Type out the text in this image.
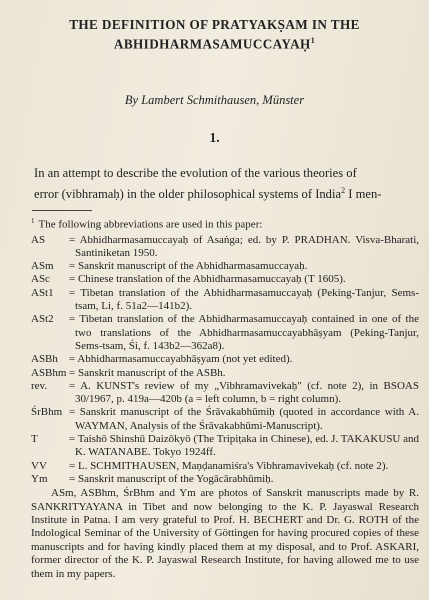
THE DEFINITION OF PRATYAKṢAM IN THE
ABHIDHARMASAMUCCAYAḤ$^1$
By Lambert Schmithausen, Münster
1.

In an attempt to describe the evolution of the various theories of
error (vibhramaḥ) in the older philosophical systems of India$^2$ I men-

$^1$ The following abbreviations are used in this paper:
AS	= Abhidharmasamuccayaḥ of Asaṅga; ed. by P. PRADHAN. Visva-Bharati, Santiniketan 1950.
ASm	= Sanskrit manuscript of the Abhidharmasamuccayaḥ.
ASc	= Chinese translation of the Abhidharmasamuccayaḥ (T 1605).
ASt1	= Tibetan translation of the Abhidharmasamuccayaḥ (Peking-Tanjur, Sems-tsam, Li, f. 51a2—141b2).
ASt2	= Tibetan translation of the Abhidharmasamuccayaḥ contained in one of the two translations of the Abhidharmasamuccayabhāṣyam (Peking-Tanjur, Sems-tsam, Śi, f. 143b2—362a8).
ASBh	= Abhidharmasamuccayabhāṣyam (not yet edited).
ASBhm	= Sanskrit manuscript of the ASBh.
rev.	= A. KUNST's review of my „Vibhramavivekaḥ" (cf. note 2), in BSOAS 30/1967, p. 419a—420b (a = left column, b = right column).
ŚrBhm	= Sanskrit manuscript of the Śrāvakabhūmiḥ (quoted in accordance with A. WAYMAN, Analysis of the Śrāvakabhūmi-Manuscript).
T	= Taishō Shinshū Daizōkyō (The Tripiṭaka in Chinese), ed. J. TAKAKUSU and K. WATANABE. Tokyo 1924ff.
VV	= L. SCHMITHAUSEN, Maṇḍanamiśra's Vibhramavivekaḥ (cf. note 2).
Ym	= Sanskrit manuscript of the Yogācārabhūmiḥ.
ASm, ASBhm, ŚrBhm and Ym are photos of Sanskrit manuscripts made by R. SANKRITYAYANA in Tibet and now belonging to the K. P. Jayaswal Research Institute in Patna. I am very grateful to Prof. H. BECHERT and Dr. G. ROTH of the Indological Seminar of the University of Göttingen for having procured copies of these manuscripts and for having kindly placed them at my disposal, and to Prof. ASKARI, former director of the K. P. Jayaswal Research Institute, for having allowed me to use them in my papers.
